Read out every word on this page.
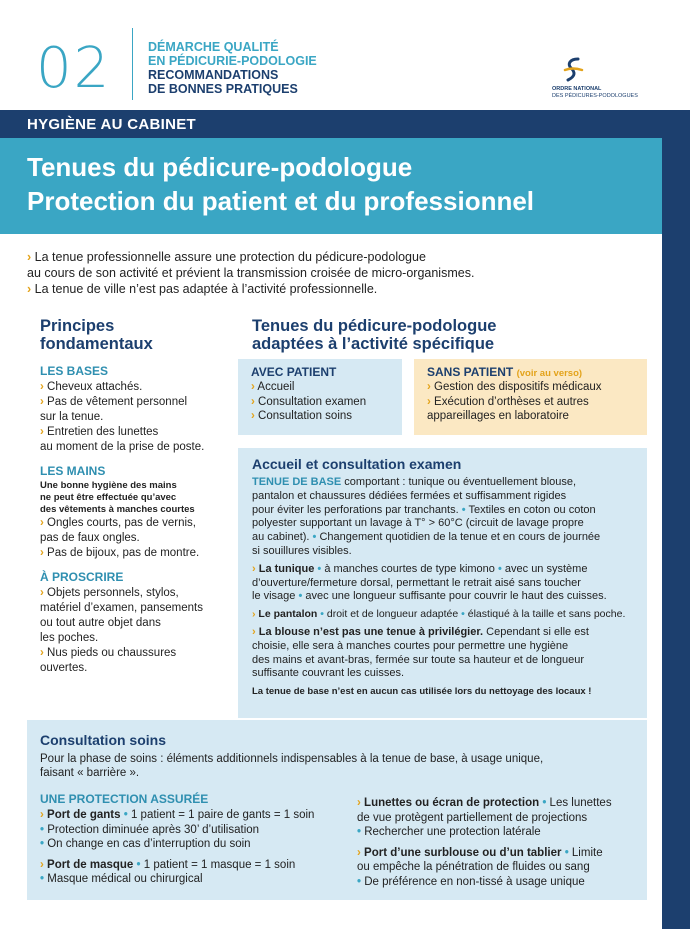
02	DÉMARCHE QUALITÉ
EN PÉDICURIE-PODOLOGIE
RECOMMANDATIONS
DE BONNES PRATIQUES	ORDRE NATIONAL
DES PÉDICURES-PODOLOGUES
HYGIÈNE AU CABINET
Tenues du pédicure-podologue
Protection du patient et du professionnel
› La tenue professionnelle assure une protection du pédicure-podologue
au cours de son activité et prévient la transmission croisée de micro-organismes.
› La tenue de ville n’est pas adaptée à l’activité professionnelle.
Principes
fondamentaux
LES BASES
› Cheveux attachés.
› Pas de vêtement personnel
sur la tenue.
› Entretien des lunettes
au moment de la prise de poste.
LES MAINS
Une bonne hygiène des mains
ne peut être effectuée qu’avec
des vêtements à manches courtes
› Ongles courts, pas de vernis,
pas de faux ongles.
› Pas de bijoux, pas de montre.
À PROSCRIRE
› Objets personnels, stylos,
matériel d’examen, pansements
ou tout autre objet dans
les poches.
› Nus pieds ou chaussures
ouvertes.
Tenues du pédicure-podologue
adaptées à l’activité spécifique
AVEC PATIENT
› Accueil
› Consultation examen
› Consultation soins
SANS PATIENT (voir au verso)
› Gestion des dispositifs médicaux
› Exécution d’orthèses et autres
appareillages en laboratoire
Accueil et consultation examen

TENUE DE BASE comportant : tunique ou éventuellement blouse,
pantalon et chaussures dédiées fermées et suffisamment rigides
pour éviter les perforations par tranchants. • Textiles en coton ou coton
polyester supportant un lavage à T° > 60°C (circuit de lavage propre
au cabinet). • Changement quotidien de la tenue et en cours de journée
si souillures visibles.

› La tunique • à manches courtes de type kimono • avec un système
d’ouverture/fermeture dorsal, permettant le retrait aisé sans toucher
le visage • avec une longueur suffisante pour couvrir le haut des cuisses.

› Le pantalon • droit et de longueur adaptée • élastiqué à la taille et sans poche.

› La blouse n’est pas une tenue à privilégier. Cependant si elle est
choisie, elle sera à manches courtes pour permettre une hygiène
des mains et avant-bras, fermée sur toute sa hauteur et de longueur
suffisante couvrant les cuisses.

La tenue de base n’est en aucun cas utilisée lors du nettoyage des locaux !
Consultation soins
Pour la phase de soins : éléments additionnels indispensables à la tenue de base, à usage unique,
faisant « barrière ».
UNE PROTECTION ASSURÉE
› Port de gants • 1 patient = 1 paire de gants = 1 soin
• Protection diminuée après 30’ d’utilisation
• On change en cas d’interruption du soin
› Port de masque • 1 patient = 1 masque = 1 soin
• Masque médical ou chirurgical
› Lunettes ou écran de protection • Les lunettes
de vue protègent partiellement de projections
• Rechercher une protection latérale
› Port d’une surblouse ou d’un tablier • Limite
ou empêche la pénétration de fluides ou sang
• De préférence en non-tissé à usage unique
